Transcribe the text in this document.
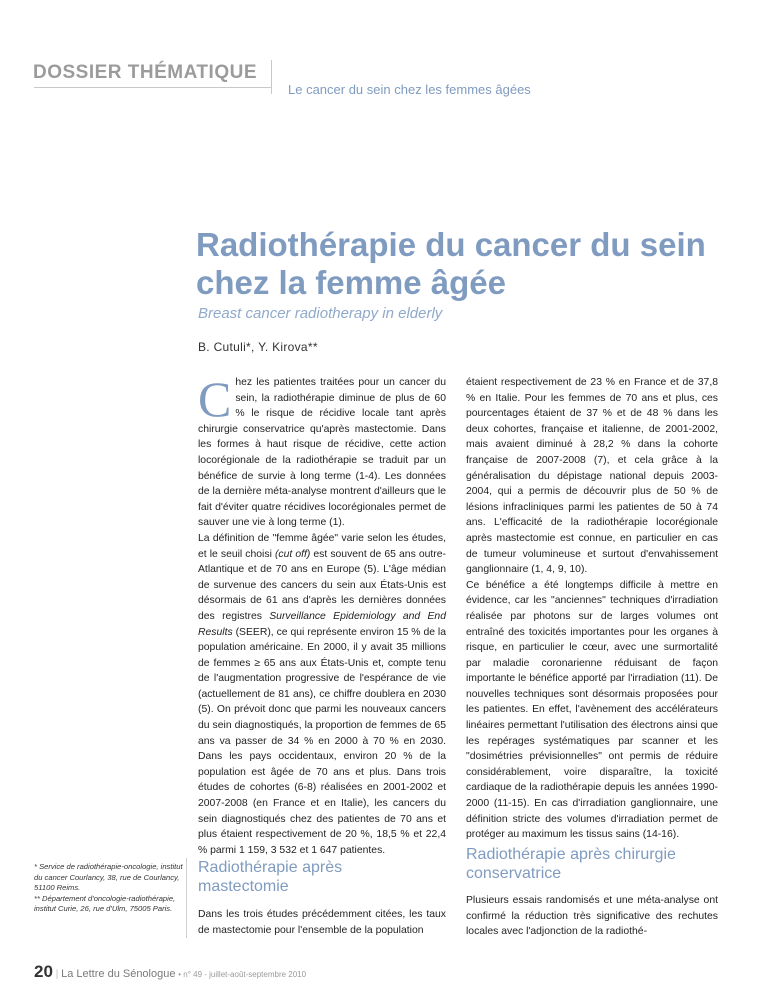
DOSSIER THÉMATIQUE
Le cancer du sein chez les femmes âgées
Radiothérapie du cancer du sein chez la femme âgée
Breast cancer radiotherapy in elderly
B. Cutuli*, Y. Kirova**

Chez les patientes traitées pour un cancer du sein, la radiothérapie diminue de plus de 60 % le risque de récidive locale tant après chirurgie conservatrice qu'après mastectomie. Dans les formes à haut risque de récidive, cette action locorégionale de la radiothérapie se traduit par un bénéfice de survie à long terme (1-4). Les données de la dernière méta-analyse montrent d'ailleurs que le fait d'éviter quatre récidives locorégionales permet de sauver une vie à long terme (1).

La définition de "femme âgée" varie selon les études, et le seuil choisi (cut off) est souvent de 65 ans outre-Atlantique et de 70 ans en Europe (5). L'âge médian de survenue des cancers du sein aux États-Unis est désormais de 61 ans d'après les dernières données des registres Surveillance Epidemiology and End Results (SEER), ce qui représente environ 15 % de la population américaine. En 2000, il y avait 35 millions de femmes ≥ 65 ans aux États-Unis et, compte tenu de l'augmentation progressive de l'espérance de vie (actuellement de 81 ans), ce chiffre doublera en 2030 (5). On prévoit donc que parmi les nouveaux cancers du sein diagnostiqués, la proportion de femmes de 65 ans va passer de 34 % en 2000 à 70 % en 2030. Dans les pays occidentaux, environ 20 % de la population est âgée de 70 ans et plus. Dans trois études de cohortes (6-8) réalisées en 2001-2002 et 2007-2008 (en France et en Italie), les cancers du sein diagnostiqués chez des patientes de 70 ans et plus étaient respectivement de 20 %, 18,5 % et 22,4 % parmi 1 159, 3 532 et 1 647 patientes.

étaient respectivement de 23 % en France et de 37,8 % en Italie. Pour les femmes de 70 ans et plus, ces pourcentages étaient de 37 % et de 48 % dans les deux cohortes, française et italienne, de 2001-2002, mais avaient diminué à 28,2 % dans la cohorte française de 2007-2008 (7), et cela grâce à la généralisation du dépistage national depuis 2003-2004, qui a permis de découvrir plus de 50 % de lésions infracliniques parmi les patientes de 50 à 74 ans. L'efficacité de la radiothérapie locorégionale après mastectomie est connue, en particulier en cas de tumeur volumineuse et surtout d'envahissement ganglionnaire (1, 4, 9, 10).

Ce bénéfice a été longtemps difficile à mettre en évidence, car les "anciennes" techniques d'irradiation réalisée par photons sur de larges volumes ont entraîné des toxicités importantes pour les organes à risque, en particulier le cœur, avec une surmortalité par maladie coronarienne réduisant de façon importante le bénéfice apporté par l'irradiation (11). De nouvelles techniques sont désormais proposées pour les patientes. En effet, l'avènement des accélérateurs linéaires permettant l'utilisation des électrons ainsi que les repérages systématiques par scanner et les "dosimétries prévisionnelles" ont permis de réduire considérablement, voire disparaître, la toxicité cardiaque de la radiothérapie depuis les années 1990-2000 (11-15). En cas d'irradiation ganglionnaire, une définition stricte des volumes d'irradiation permet de protéger au maximum les tissus sains (14-16).

* Service de radiothérapie-oncologie, institut du cancer Courlancy, 38, rue de Courlancy, 51100 Reims.
** Département d'oncologie-radiothérapie, institut Curie, 26, rue d'Ulm, 75005 Paris.
Radiothérapie après mastectomie
Dans les trois études précédemment citées, les taux de mastectomie pour l'ensemble de la population
Radiothérapie après chirurgie conservatrice
Plusieurs essais randomisés et une méta-analyse ont confirmé la réduction très significative des rechutes locales avec l'adjonction de la radiothé-
20 | La Lettre du Sénologue • n° 49 - juillet-août-septembre 2010
